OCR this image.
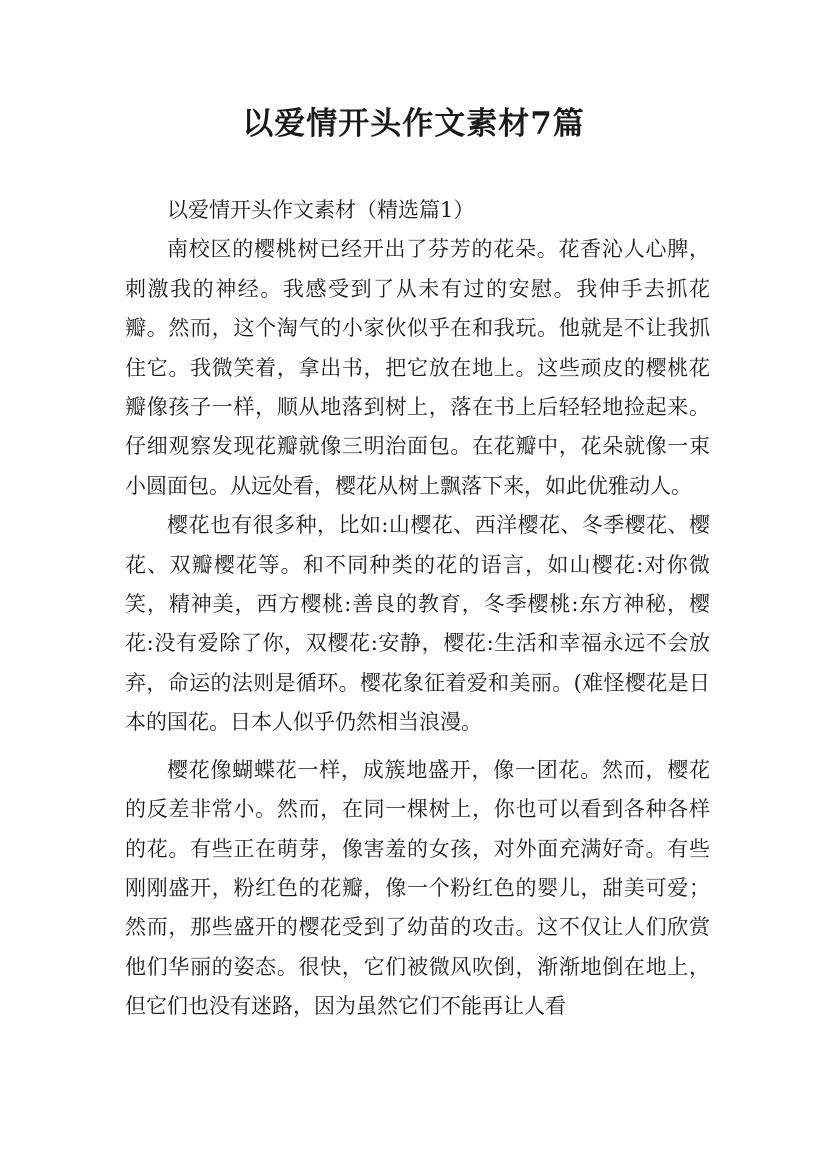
以爱情开头作文素材7篇

以爱情开头作文素材（精选篇1）

南校区的樱桃树已经开出了芬芳的花朵。花香沁人心脾，刺激我的神经。我感受到了从未有过的安慰。我伸手去抓花瓣。然而，这个淘气的小家伙似乎在和我玩。他就是不让我抓住它。我微笑着，拿出书，把它放在地上。这些顽皮的樱桃花瓣像孩子一样，顺从地落到树上，落在书上后轻轻地捡起来。仔细观察发现花瓣就像三明治面包。在花瓣中，花朵就像一束小圆面包。从远处看，樱花从树上飘落下来，如此优雅动人。

樱花也有很多种，比如:山樱花、西洋樱花、冬季樱花、樱花、双瓣樱花等。和不同种类的花的语言，如山樱花:对你微笑，精神美，西方樱桃:善良的教育，冬季樱桃:东方神秘，樱花:没有爱除了你，双樱花:安静，樱花:生活和幸福永远不会放弃，命运的法则是循环。樱花象征着爱和美丽。(难怪樱花是日本的国花。日本人似乎仍然相当浪漫。

樱花像蝴蝶花一样，成簇地盛开，像一团花。然而，樱花的反差非常小。然而，在同一棵树上，你也可以看到各种各样的花。有些正在萌芽，像害羞的女孩，对外面充满好奇。有些刚刚盛开，粉红色的花瓣，像一个粉红色的婴儿，甜美可爱；然而，那些盛开的樱花受到了幼苗的攻击。这不仅让人们欣赏他们华丽的姿态。很快，它们被微风吹倒，渐渐地倒在地上，但它们也没有迷路，因为虽然它们不能再让人看
